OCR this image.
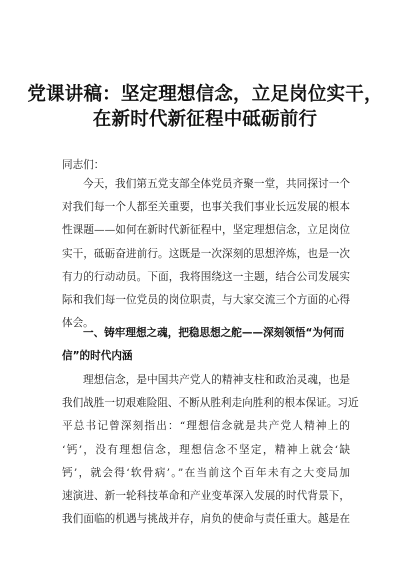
党课讲稿：坚定理想信念，立足岗位实干，
在新时代新征程中砥砺前行
同志们：
今天，我们第五党支部全体党员齐聚一堂，共同探讨一个
对我们每一个人都至关重要，也事关我们事业长远发展的根本
性课题——如何在新时代新征程中，坚定理想信念，立足岗位
实干，砥砺奋进前行。这既是一次深刻的思想淬炼，也是一次
有力的行动动员。下面，我将围绕这一主题，结合公司发展实
际和我们每一位党员的岗位职责，与大家交流三个方面的心得
体会。
一、铸牢理想之魂，把稳思想之舵——深刻领悟“为何而
信”的时代内涵
理想信念，是中国共产党人的精神支柱和政治灵魂，也是
我们战胜一切艰难险阻、不断从胜利走向胜利的根本保证。习近
平总书记曾深刻指出：“理想信念就是共产党人精神上的
‘钙’，没有理想信念，理想信念不坚定，精神上就会‘缺
钙’，就会得‘软骨病’。”在当前这个百年未有之大变局加
速演进、新一轮科技革命和产业变革深入发展的时代背景下，
我们面临的机遇与挑战并存，肩负的使命与责任重大。越是在
